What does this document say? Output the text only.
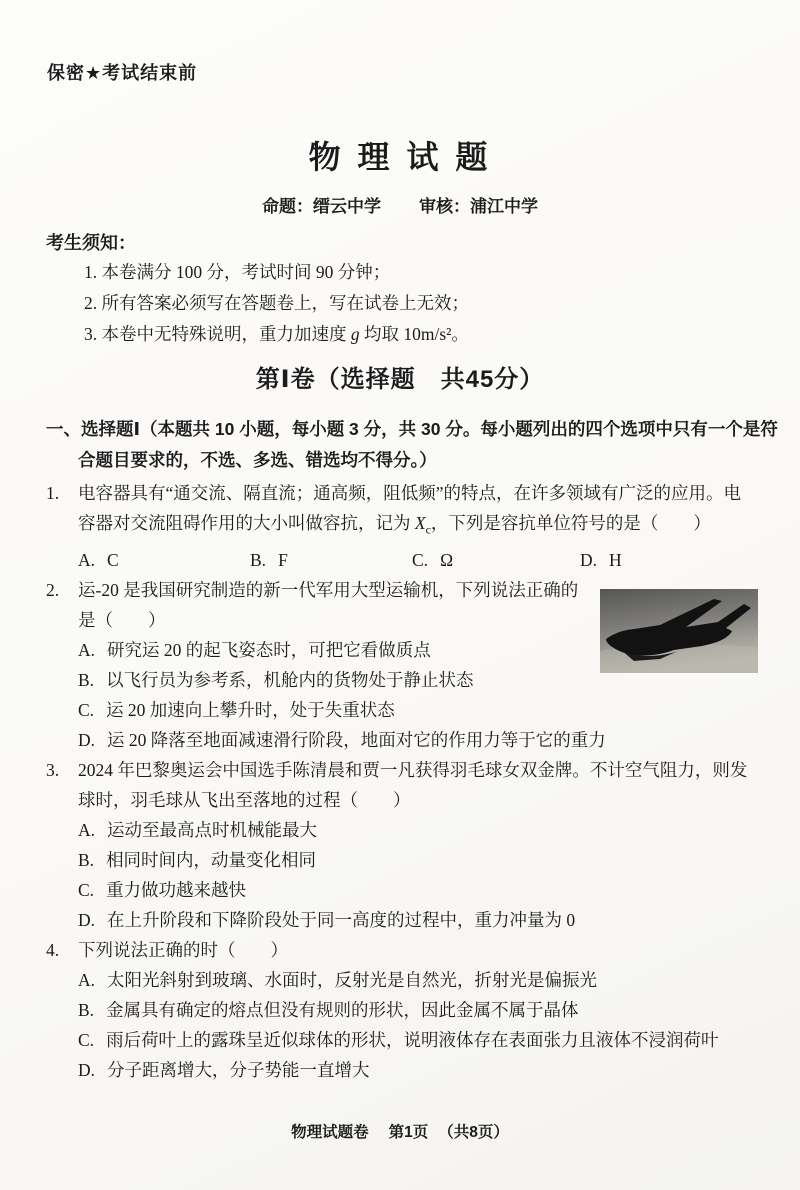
保密★考试结束前
物 理 试 题
命题：缙云中学 审核：浦江中学
考生须知：
1. 本卷满分 100 分，考试时间 90 分钟；
2. 所有答案必须写在答题卷上，写在试卷上无效；
3. 本卷中无特殊说明，重力加速度 g 均取 10m/s²。
第Ⅰ卷（选择题　共45分）
一、选择题Ⅰ（本题共 10 小题，每小题 3 分，共 30 分。每小题列出的四个选项中只有一个是符合题目要求的，不选、多选、错选均不得分。）
1. 电容器具有“通交流、隔直流；通高频，阻低频”的特点，在许多领域有广泛的应用。电容器对交流阻碍作用的大小叫做容抗，记为 $X_c$，下列是容抗单位符号的是（　　）
A. C	B. F	C. Ω	D. H
2. 运-20 是我国研究制造的新一代军用大型运输机，下列说法正确的是（　　）
A. 研究运 20 的起飞姿态时，可把它看做质点
B. 以飞行员为参考系，机舱内的货物处于静止状态
C. 运 20 加速向上攀升时，处于失重状态
D. 运 20 降落至地面减速滑行阶段，地面对它的作用力等于它的重力
3. 2024 年巴黎奥运会中国选手陈清晨和贾一凡获得羽毛球女双金牌。不计空气阻力，则发球时，羽毛球从飞出至落地的过程（　　）
A. 运动至最高点时机械能最大
B. 相同时间内，动量变化相同
C. 重力做功越来越快
D. 在上升阶段和下降阶段处于同一高度的过程中，重力冲量为 0
4. 下列说法正确的时（　　）
A. 太阳光斜射到玻璃、水面时，反射光是自然光，折射光是偏振光
B. 金属具有确定的熔点但没有规则的形状，因此金属不属于晶体
C. 雨后荷叶上的露珠呈近似球体的形状，说明液体存在表面张力且液体不浸润荷叶
D. 分子距离增大，分子势能一直增大
物理试题卷 第1页 （共8页）
